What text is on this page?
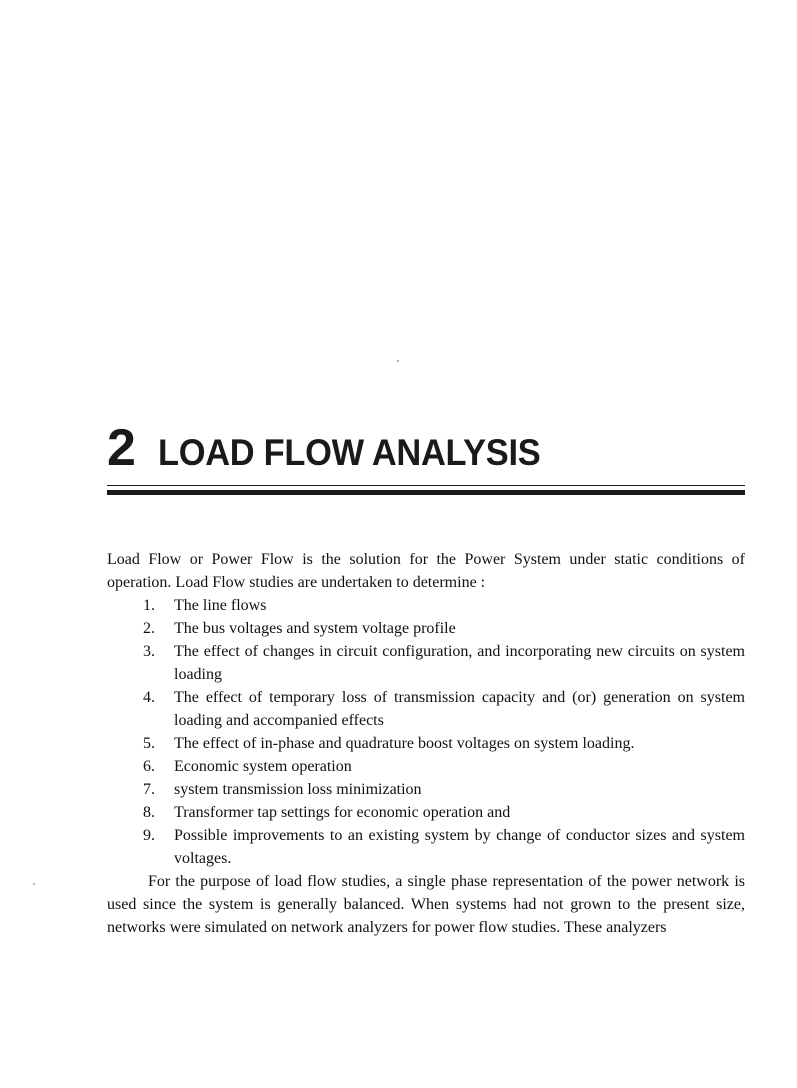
2 LOAD FLOW ANALYSIS

Load Flow or Power Flow is the solution for the Power System under static conditions of operation. Load Flow studies are undertaken to determine :

1.	The line flows
2.	The bus voltages and system voltage profile
3.	The effect of changes in circuit configuration, and incorporating new circuits on system loading
4.	The effect of temporary loss of transmission capacity and (or) generation on system loading and accompanied effects
5.	The effect of in-phase and quadrature boost voltages on system loading.
6.	Economic system operation
7.	system transmission loss minimization
8.	Transformer tap settings for economic operation and
9.	Possible improvements to an existing system by change of conductor sizes and system voltages.

For the purpose of load flow studies, a single phase representation of the power network is used since the system is generally balanced. When systems had not grown to the present size, networks were simulated on network analyzers for power flow studies. These analyzers
